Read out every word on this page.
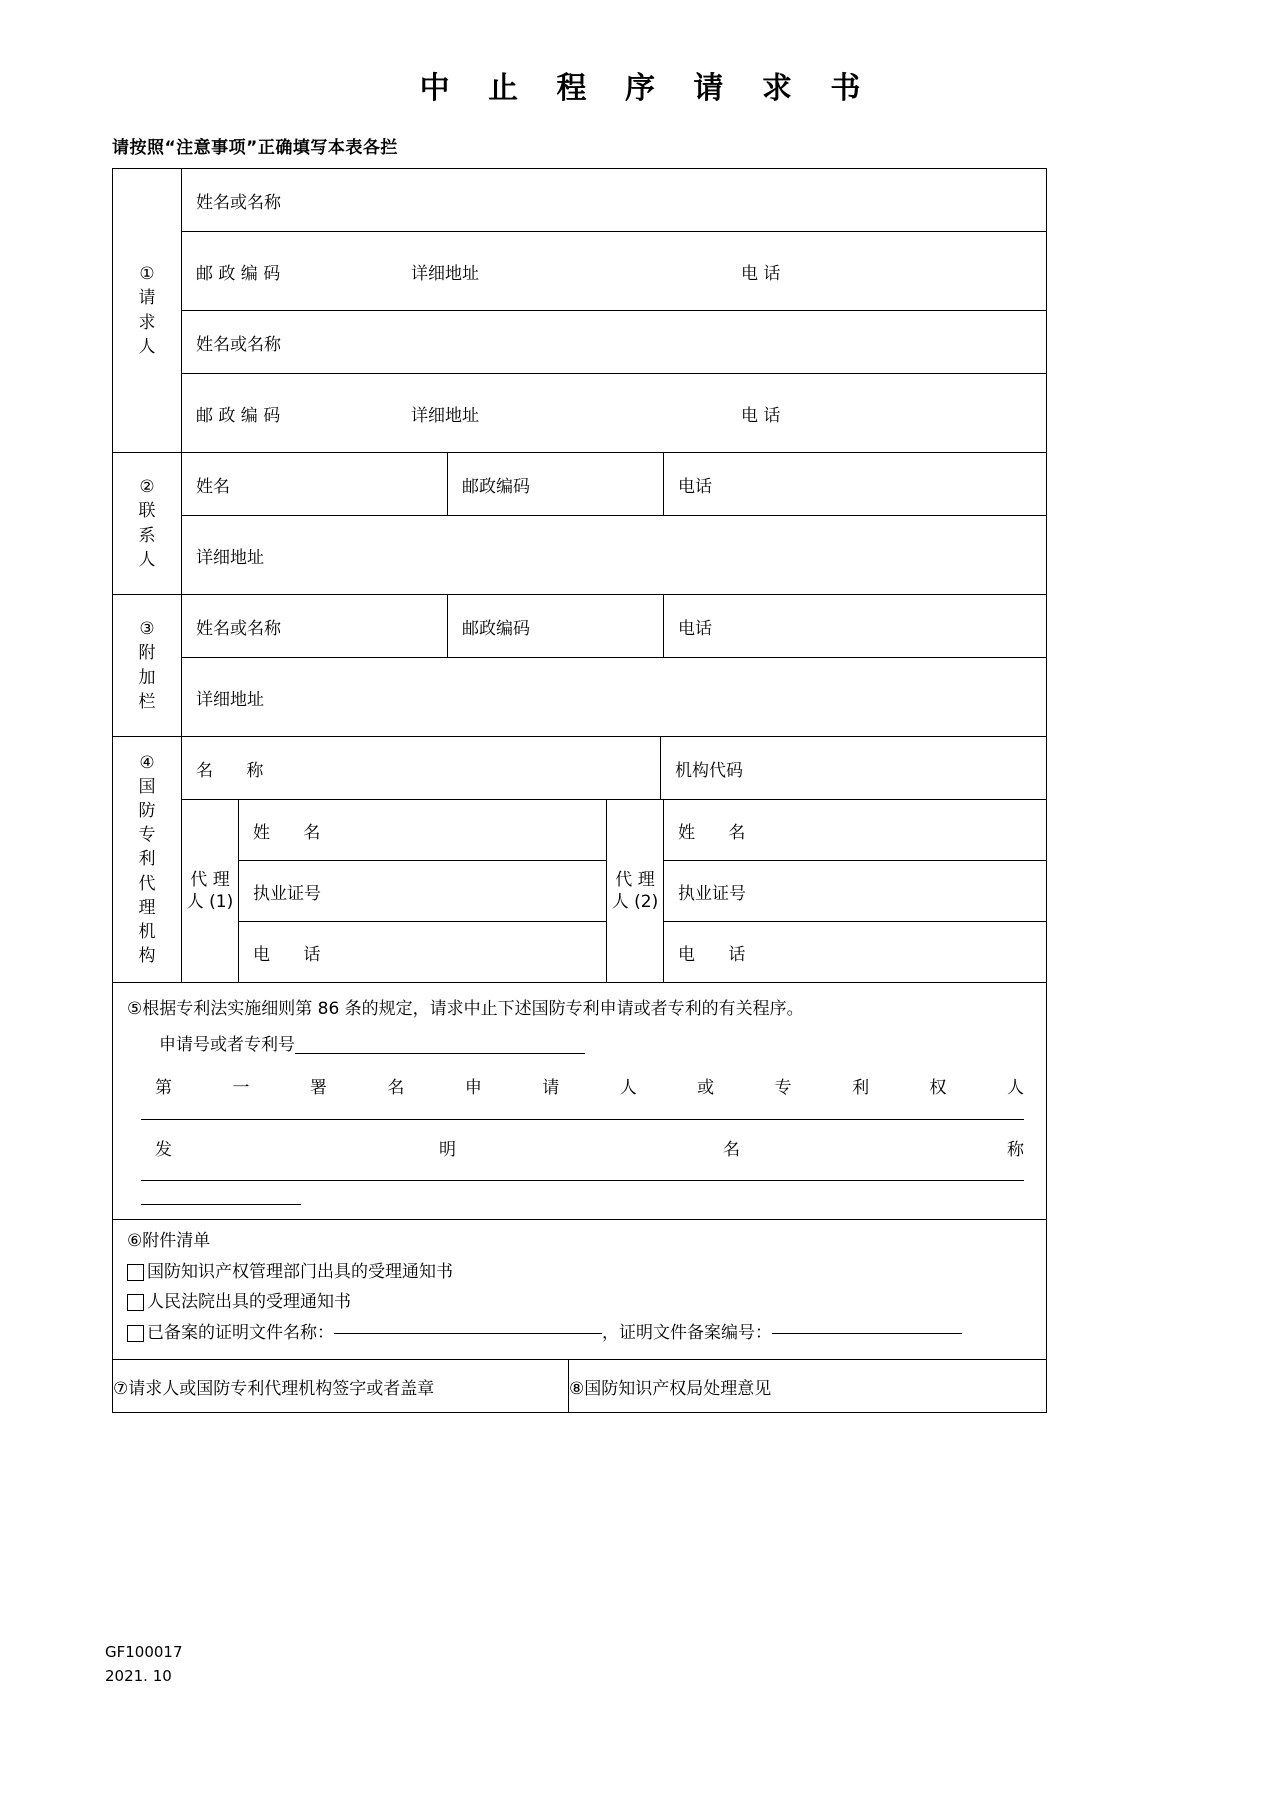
中 止 程 序 请 求 书
请按照“注意事项”正确填写本表各拦
①
请
求
人

姓名或名称

邮 政 编 码	详细地址	电 话

姓名或名称

邮 政 编 码	详细地址	电 话

②
联
系
人

姓名	邮政编码	电话
详细地址

③
附
加
栏

姓名或名称	邮政编码	电话
详细地址

④
国
防
专
利
代
理
机
构

名 称	机构代码

代 理 人 (1)	姓 名	代 理 人 (2)	姓 名
执业证号	执业证号
电 话	电 话

⑤根据专利法实施细则第 86 条的规定，请求中止下述国防专利申请或者专利的有关程序。
申请号或者专利号
第	一	署	名	申	请	人	或	专	利	权	人
发	明	名	称

⑥附件清单
国防知识产权管理部门出具的受理通知书
人民法院出具的受理通知书
已备案的证明文件名称：	，证明文件备案编号：

⑦请求人或国防专利代理机构签字或者盖章	⑧国防知识产权局处理意见
GF100017
2021. 10
